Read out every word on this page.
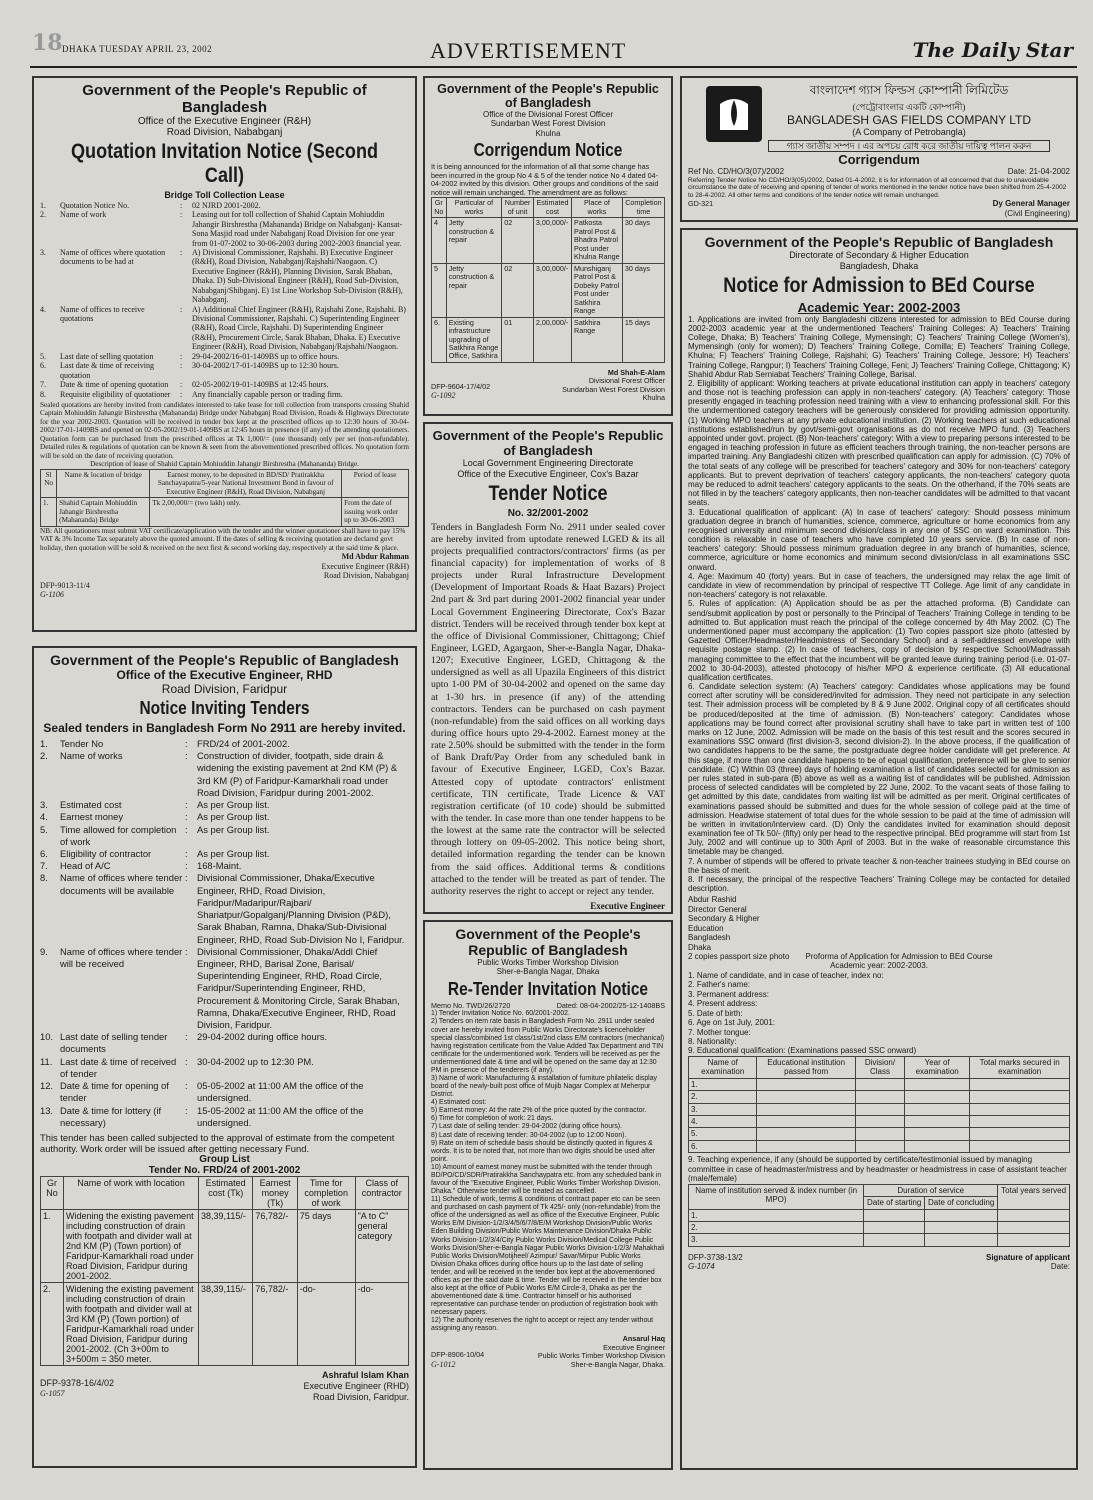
18 DHAKA TUESDAY APRIL 23, 2002	ADVERTISEMENT	The Daily Star
Government of the People's Republic of Bangladesh
Office of the Executive Engineer (R&H)
Road Division, Nababganj
Quotation Invitation Notice (Second Call)
Bridge Toll Collection Lease
1.	Quotation Notice No.	:	02 NJRD 2001-2002.
2.	Name of work	:	Leasing out for toll collection of Shahid Captain Mohiuddin Jahangir Birshrestha (Mahananda) Bridge on Nababganj- Kansat-Sona Masjid road under Nababganj Road Division for one year from 01-07-2002 to 30-06-2003 during 2002-2003 financial year.
3.	Name of offices where quotation documents to be had at
:	A) Divisional Commissioner, Rajshahi. B) Executive Engineer (R&H), Road Division, Nababganj/Rajshahi/Naogaon. C) Executive Engineer (R&H), Planning Division, Sarak Bhaban, Dhaka. D) Sub-Divisional Engineer (R&H), Road Sub-Division, Nababganj/Shibganj. E) 1st Line Workshop Sub-Division (R&H), Nababganj.
4.	Name of offices to receive quotations
:	A) Additional Chief Engineer (R&H), Rajshahi Zone, Rajshahi. B) Divisional Commissioner, Rajshahi. C) Superintending Engineer (R&H), Road Circle, Rajshahi. D) Superintending Engineer (R&H), Procurement Circle, Sarak Bhaban, Dhaka. E) Executive Engineer (R&H), Road Division, Nababganj/Rajshahi/Naogaon.
5.	Last date of selling quotation	:	29-04-2002/16-01-1409BS up to office hours.
6.	Last date & time of receiving quotation
:	30-04-2002/17-01-1409BS up to 12:30 hours.
7.	Date & time of opening quotation	:	02-05-2002/19-01-1409BS at 12:45 hours.
8.	Requisite eligibility of quotationer	:	Any financially capable person or trading firm.
Sealed quotations are hereby invited from candidates interested to take lease for toll collection from transports crossing Shahid Captain Mohiuddin Jahangir Birshrestha (Mahananda) Bridge under Nababganj Road Division, Roads & Highways Directorate for the year 2002-2003. Quotation will be received in tender box kept at the prescribed offices up to 12:30 hours of 30-04-2002/17-01-1409BS and opened on 02-05-2002/19-01-1409BS at 12:45 hours in presence (if any) of the attending quotationers. Quotation form can be purchased from the prescribed offices at Tk 1,000/= (one thousand) only per set (non-refundable). Detailed rules & regulations of quotation can be known & seen from the abovementioned prescribed offices. No quotation form will be sold on the date of receiving quotation.
Description of lease of Shahid Captain Mohiuddin Jahangir Birshrestha (Mahananda) Bridge.
Sl No	Name & location of bridge	Earnest money, to be deposited in BD/SD/ Pratirakkha Sanchayapatra/5-year National Investment Bond in favour of Executive Engineer (R&H), Road Division, Nababganj	Period of lease
1.	Shahid Captain Mohiuddin Jahangir Birshrestha (Mahananda) Bridge	Tk 2,00,000/= (two lakh) only.	From the date of issuing work order up to 30-06-2003
NB: All quotationers must submit VAT certificate/application with the tender and the winner quotationer shall have to pay 15% VAT & 3% Income Tax separately above the quoted amount. If the dates of selling & receiving quotation are declared govt holiday, then quotation will be sold & received on the next first & second working day, respectively at the said time & place.
Md Abdur Rahman
Executive Engineer (R&H)
Road Division, Nababganj
DFP-9013-11/4
G-1106
Government of the People's Republic of Bangladesh
Office of the Executive Engineer, RHD
Road Division, Faridpur
Notice Inviting Tenders
Sealed tenders in Bangladesh Form No 2911 are hereby invited.
1.	Tender No	: FRD/24 of 2001-2002.
2.	Name of works	: Construction of divider, footpath, side drain & widening the existing pavement at 2nd KM (P) & 3rd KM (P) of Faridpur-Kamarkhali road under Road Division, Faridpur during 2001-2002.
3.	Estimated cost	: As per Group list.
4.	Earnest money	: As per Group list.
5.	Time allowed for completion of work
: As per Group list.
6.	Eligibility of contractor	: As per Group list.
7.	Head of A/C	: 168-Maint.
8.	Name of offices where tender documents will be available
: Divisional Commissioner, Dhaka/Executive Engineer, RHD, Road Division, Faridpur/Madaripur/Rajbari/ Shariatpur/Gopalganj/Planning Division (P&D), Sarak Bhaban, Ramna, Dhaka/Sub-Divisional Engineer, RHD, Road Sub-Division No I, Faridpur.
9.	Name of offices where tender will be received
: Divisional Commissioner, Dhaka/Addl Chief Engineer, RHD, Barisal Zone, Barisal/ Superintending Engineer, RHD, Road Circle, Faridpur/Superintending Engineer, RHD, Procurement & Monitoring Circle, Sarak Bhaban, Ramna, Dhaka/Executive Engineer, RHD, Road Division, Faridpur.
10. Last date of selling tender documents
: 29-04-2002 during office hours.
11. Last date & time of received of tender
: 30-04-2002 up to 12:30 PM.
12. Date & time for opening of tender
: 05-05-2002 at 11:00 AM the office of the undersigned.
13. Date & time for lottery (if necessary)
: 15-05-2002 at 11:00 AM the office of the undersigned.
This tender has been called subjected to the approval of estimate from the competent authority. Work order will be issued after getting necessary Fund.
Group List
Tender No. FRD/24 of 2001-2002
Gr No	Name of work with location	Estimated cost (Tk)	Earnest money (Tk)	Time for completion of work	Class of contractor
1.	Widening the existing pavement including construction of drain with footpath and divider wall at 2nd KM (P) (Town portion) of Faridpur-Kamarkhali road under Road Division, Faridpur during 2001-2002.	38,39,115/-	76,782/-	75 days	"A to C" general category
2.	Widening the existing pavement including construction of drain with footpath and divider wall at 3rd KM (P) (Town portion) of Faridpur-Kamarkhali road under Road Division, Faridpur during 2001-2002. (Ch 3+00m to 3+500m = 350 meter.	38,39,115/-	76,782/-	-do-	-do-
Ashraful Islam Khan
Executive Engineer (RHD)
Road Division, Faridpur.
DFP-9378-16/4/02
G-1057
Government of the People's Republic of Bangladesh
Office of the Divisional Forest Officer
Sundarban West Forest Division
Khulna
Corrigendum Notice
It is being announced for the information of all that some change has been incurred in the group No 4 & 5 of the tender notice No 4 dated 04-04-2002 invited by this division. Other groups and conditions of the said notice will remain unchanged. The amendment are as follows:
Gr No	Particular of works	Number of unit	Estimated cost	Place of works	Completion time
4	Jetty construction & repair	02	3,00,000/-	Patkosta Patrol Post & Bhadra Patrol Post under Khulna Range	30 days
5	Jetty construction & repair	02	3,00,000/-	Munshiganj Patrol Post & Dobeky Patrol Post under Satkhira Range	30 days
6.	Existing infrastructure upgrading of Satkhira Range Office, Satkhira	01	2,00,000/-	Satkhira Range	15 days
Md Shah-E-Alam
Divisional Forest Officer
Sundarban West Forest Division
Khulna
DFP-9604-17/4/02
G-1092
Government of the People's Republic of Bangladesh
Local Government Engineering Directorate
Office of the Executive Engineer, Cox's Bazar
Tender Notice
No. 32/2001-2002
Tenders in Bangladesh Form No. 2911 under sealed cover are hereby invited from uptodate renewed LGED & its all projects prequalified contractors/contractors' firms (as per financial capacity) for implementation of works of 8 projects under Rural Infrastructure Development (Development of Important Roads & Haat Bazars) Project 2nd part & 3rd part during 2001-2002 financial year under Local Government Engineering Directorate, Cox's Bazar district. Tenders will be received through tender box kept at the office of Divisional Commissioner, Chittagong; Chief Engineer, LGED, Agargaon, Sher-e-Bangla Nagar, Dhaka-1207; Executive Engineer, LGED, Chittagong & the undersigned as well as all Upazila Engineers of this district upto 1-00 PM of 30-04-2002 and opened on the same day at 1-30 hrs. in presence (if any) of the attending contractors. Tenders can be purchased on cash payment (non-refundable) from the said offices on all working days during office hours upto 29-4-2002. Earnest money at the rate 2.50% should be submitted with the tender in the form of Bank Draft/Pay Order from any scheduled bank in favour of Executive Engineer, LGED, Cox's Bazar. Attested copy of uptodate contractors' enlistment certificate, TIN certificate, Trade Licence & VAT registration certificate (of 10 code) should be submitted with the tender. In case more than one tender happens to be the lowest at the same rate the contractor will be selected through lottery on 09-05-2002. This notice being short, detailed information regarding the tender can be known from the said offices. Additional terms & conditions attached to the tender will be treated as part of tender. The authority reserves the right to accept or reject any tender.
Executive Engineer
Government of the People's Republic of Bangladesh
Public Works Timber Workshop Division
Sher-e-Bangla Nagar, Dhaka
Re-Tender Invitation Notice
Memo No. TWD/26/2720	Dated: 08-04-2002/25-12-1408BS
1) Tender Invitation Notice No. 60/2001-2002.
2) Tenders on item rate basis in Bangladesh Form No. 2911 under sealed cover are hereby invited from Public Works Directorate's licenceholder special class/combined 1st class/1st/2nd class E/M contractors (mechanical) having registration certificate from the Value Added Tax Department and TIN certificate for the undermentioned work. Tenders will be received as per the undermentioned date & time and will be opened on the same day at 12:30 PM in presence of the tenderers (if any).
3) Name of work: Manufacturing & installation of furniture philatelic display board of the newly-built post office of Mujib Nagar Complex at Meherpur District.
4) Estimated cost:
5) Earnest money: At the rate 2% of the price quoted by the contractor.
6) Time for completion of work: 21 days.
7) Last date of selling tender: 29-04-2002 (during office hours).
8) Last date of receiving tender: 30-04-2002 (up to 12:00 Noon).
9) Rate on item of schedule basis should be distinctly quoted in figures & words. It is to be noted that, not more than two digits should be used after point.
10) Amount of earnest money must be submitted with the tender through BD/PO/CD/SDR/Pratirakkha Sanchaypatra etc. from any scheduled bank in favour of the "Executive Engineer, Public Works Timber Workshop Division, Dhaka." Otherwise tender will be treated as cancelled.
11) Schedule of work, terms & conditions of contract paper etc can be seen and purchased on cash payment of Tk 425/- only (non-refundable) from the office of the undersigned as well as office of the Executive Engineer, Public Works E/M Division-1/2/3/4/5/6/7/8/E/M Workshop Division/Public Works Eden Building Division/Public Works Maintenance Division/Dhaka Public Works Division-1/2/3/4/City Public Works Division/Medical College Public Works Division/Sher-e-Bangla Nagar Public Works Division-1/2/3/ Mahakhali Public Works Division/Motijheel/ Azimpur/ Savar/Mirpur Public Works Division Dhaka offices during office hours up to the last date of selling tender, and will be received in the tender box kept at the abovementioned offices as per the said date & time. Tender will be received in the tender box also kept at the office of Public Works E/M Circle-3, Dhaka as per the abovementioned date & time. Contractor himself or his authorised representative can purchase tender on production of registration book with necessary papers.
12) The authority reserves the right to accept or reject any tender without assigning any reason.
Ansarul Haq
Executive Engineer
Public Works Timber Workshop Division
Sher-e-Bangla Nagar, Dhaka.
DFP-8906-10/04
G-1012
বাংলাদেশ গ্যাস ফিল্ডস কোম্পানী লিমিটেড
(পেট্রোবাংলার একটি কোম্পানী)
BANGLADESH GAS FIELDS COMPANY LTD
(A Company of Petrobangla)
গ্যাস জাতীয় সম্পদ । এর অপচয় রোধ করে জাতীয় দায়িত্ব পালন করুন
Corrigendum
Ref No. CD/HO/3(07)/2002	Date: 21-04-2002
Referring Tender Notice No CD/HO/3(05)/2002, Dated 01-4-2002, it is for information of all concerned that due to unavoidable circumstance the date of receiving and opening of tender of works mentioned in the tender notice have been shifted from 25-4-2002 to 28-4-2002. All other terms and conditions of the tender notice will remain unchanged.
Dy General Manager
(Civil Engineering)
GD-321
Government of the People's Republic of Bangladesh
Directorate of Secondary & Higher Education
Bangladesh, Dhaka
Notice for Admission to BEd Course
Academic Year: 2002-2003
1. Applications are invited from only Bangladeshi citizens interested for admission to BEd Course during 2002-2003 academic year at the undermentioned Teachers' Training Colleges: A) Teachers' Training College, Dhaka; B) Teachers' Training College, Mymensingh; C) Teachers' Training College (Women's), Mymensingh (only for women); D) Teachers' Training College, Comilla; E) Teachers' Training College, Khulna; F) Teachers' Training College, Rajshahi; G) Teachers' Training College, Jessore; H) Teachers' Training College, Rangpur; I) Teachers' Training College, Feni; J) Teachers' Training College, Chittagong; K) Shahid Abdur Rab Serniabat Teachers' Training College, Barisal.
2. Eligibility of applicant: Working teachers at private educational institution can apply in teachers' category and those not is teaching profession can apply in non-teachers' category. (A) Teachers' category: Those presently engaged in teaching profession need training with a view to enhancing professional skill. For this the undermentioned category teachers will be generously considered for providing admission opportunity. (1) Working MPO teachers at any private educational institution. (2) Working teachers at such educational institutions established/run by govt/semi-govt organisations as do not receive MPO fund. (3) Teachers appointed under govt. project. (B) Non-teachers' category: With a view to preparing persons interested to be engaged in teaching profession in future as efficient teachers through training, the non-teacher persons are imparted training. Any Bangladeshi citizen with prescribed qualification can apply for admission. (C) 70% of the total seats of any college will be prescribed for teachers' category and 30% for non-teachers' category applicants. But to prevent deprivation of teachers' category applicants, the non-teachers' category quota may be reduced to admit teachers' category applicants to the seats. On the otherhand, if the 70% seats are not filled in by the teachers' category applicants, then non-teacher candidates will be admitted to that vacant seats.
3. Educational qualification of applicant: (A) In case of teachers' category: Should possess minimum graduation degree in branch of humanities, science, commerce, agriculture or home economics from any recognised university and minimum second division/class in any one of SSC on ward examination. This condition is relaxable in case of teachers who have completed 10 years service. (B) In case of non-teachers' category: Should possess minimum graduation degree in any branch of humanities, science, commerce, agriculture or home economics and minimum second division/class in all examinations SSC onward.
4. Age: Maximum 40 (forty) years. But in case of teachers, the undersigned may relax the age limit of candidate in view of recommendation by principal of respective TT College. Age limit of any candidate in non-teachers' category is not relaxable.
5. Rules of application: (A) Application should be as per the attached proforma. (B) Candidate can send/submit application by post or personally to the Principal of Teachers' Training College in tending to be admitted to. But application must reach the principal of the college concerned by 4th May 2002. (C) The undermentioned paper must accompany the application: (1) Two copies passport size photo (attested by Gazetted Officer/Headmaster/Headmistress of Secondary School) and a self-addressed envelope with requisite postage stamp. (2) In case of teachers, copy of decision by respective School/Madrassah managing committee to the effect that the incumbent will be granted leave during training period (i.e. 01-07-2002 to 30-04-2003), attested photocopy of his/her MPO & experience certificate. (3) All educational qualification certificates.
6. Candidate selection system: (A) Teachers' category: Candidates whose applications may be found correct after scrutiny will be considered/invited for admission. They need not participate in any selection test. Their admission process will be completed by 8 & 9 June 2002. Original copy of all certificates should be produced/deposited at the time of admission. (B) Non-teachers' category: Candidates whose applications may be found correct after provisional scrutiny shall have to take part in written test of 100 marks on 12 June, 2002. Admission will be made on the basis of this test result and the scores secured in examinations SSC onward (first division-3, second division-2). In the above process, if the qualification of two candidates happens to be the same, the postgraduate degree holder candidate will get preference. At this stage, if more than one candidate happens to be of equal qualification, preference will be give to senior candidate. (C) Within 03 (three) days of holding examination a list of candidates selected for admission as per rules stated in sub-para (B) above as well as a waiting list of candidates will be published. Admission process of selected candidates will be completed by 22 June, 2002. To the vacant seats of those failing to get admitted by this date, candidates from waiting list will be admitted as per merit. Original certificates of examinations passed should be submitted and dues for the whole session of college paid at the time of admission. Headwise statement of total dues for the whole session to be paid at the time of admission will be written in invitation/interview card. (D) Only the candidates invited for examination should deposit examination fee of Tk 50/- (fifty) only per head to the respective principal. BEd programme will start from 1st July, 2002 and will continue up to 30th April of 2003. But in the wake of reasonable circumstance this timetable may be changed.
7. A number of stipends will be offered to private teacher & non-teacher trainees studying in BEd course on the basis of merit.
8. If necessary, the principal of the respective Teachers' Training College may be contacted for detailed description.
Abdur Rashid
Director General
Secondary & Higher
Education
Bangladesh
Dhaka
2 copies passport size photo Proforma of Application for Admission to BEd Course
Academic year: 2002-2003.
1. Name of candidate, and in case of teacher, index no:
2. Father's name:
3. Permanent address:
4. Present address:
5. Date of birth:
6. Age on 1st July, 2001:
7. Mother tongue:
8. Nationality:
9. Educational qualification: (Examinations passed SSC onward)
Name of examination	Educational institution passed from	Division/ Class	Year of examination	Total marks secured in examination
1.				
2.				
3.				
4.				
5.				
6.				
9. Teaching experience, if any (should be supported by certificate/testimonial issued by managing committee in case of headmaster/mistress and by headmaster or headmistress in case of assistant teacher (male/female)
Name of institution served & index number (in MPO)	Duration of service		Total years served
	Date of starting	Date of concluding	
1.			
2.			
3.			
DFP-3738-13/2
G-1074
Signature of applicant
Date:
